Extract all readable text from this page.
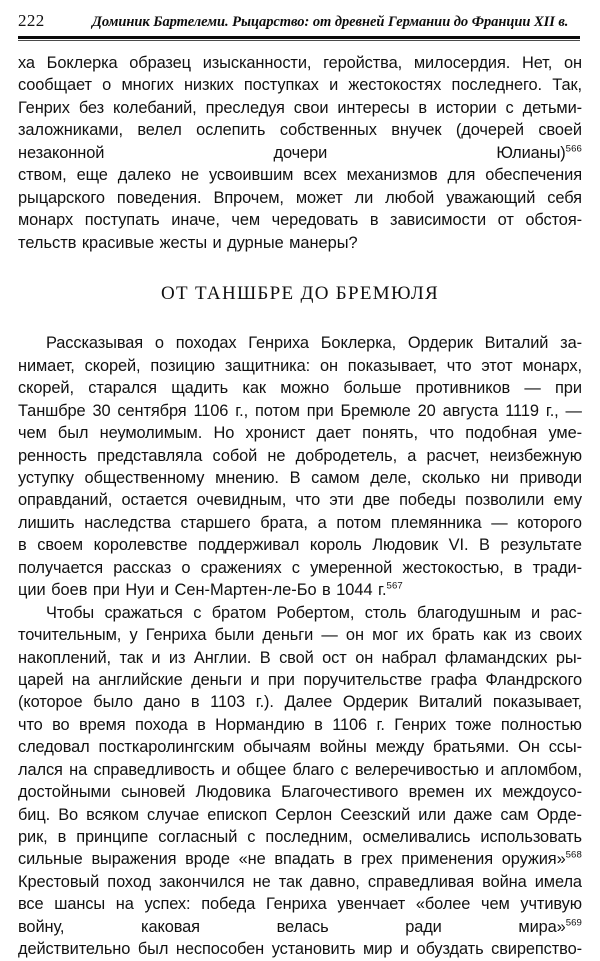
222	Доминик Бартелеми. Рыцарство: от древней Германии до Франции XII в.
ха Боклерка образец изысканности, геройства, милосердия. Нет, он
сообщает о многих низких поступках и жестокостях последнего. Так,
Генрих без колебаний, преследуя свои интересы в истории с детьми-
заложниками, велел ослепить собственных внучек (дочерей своей
незаконной	дочери	Юлианы)$^{566}$
ством, еще далеко не усвоившим всех механизмов для обеспечения
рыцарского поведения. Впрочем, может ли любой уважающий себя
монарх поступать иначе, чем чередовать в зависимости от обстоя-
тельств красивые жесты и дурные манеры?
ОТ ТАНШБРЕ ДО БРЕМЮЛЯ
Рассказывая о походах Генриха Боклерка, Ордерик Виталий за-
нимает, скорей, позицию защитника: он показывает, что этот монарх,
скорей, старался щадить как можно больше противников — при
Таншбре 30 сентября 1106 г., потом при Бремюле 20 августа 1119 г., —
чем был неумолимым. Но хронист дает понять, что подобная уме-
ренность представляла собой не добродетель, а расчет, неизбежную
уступку общественному мнению. В самом деле, сколько ни приводи
оправданий, остается очевидным, что эти две победы позволили ему
лишить наследства старшего брата, а потом племянника — которого
в своем королевстве поддерживал король Людовик VI. В результате
получается рассказ о сражениях с умеренной жестокостью, в тради-
ции боев при Нуи и Сен-Мартен-ле-Бо в 1044 г.$^{567}$
Чтобы сражаться с братом Робертом, столь благодушным и рас-
точительным, у Генриха были деньги — он мог их брать как из своих
накоплений, так и из Англии. В свой ост он набрал фламандских ры-
царей на английские деньги и при поручительстве графа Фландрского
(которое было дано в 1103 г.). Далее Ордерик Виталий показывает,
что во время похода в Нормандию в 1106 г. Генрих тоже полностью
следовал посткаролингским обычаям войны между братьями. Он ссы-
лался на справедливость и общее благо с велеречивостью и апломбом,
достойными сыновей Людовика Благочестивого времен их междоусо-
биц. Во всяком случае епископ Серлон Сеезский или даже сам Орде-
рик, в принципе согласный с последним, осмеливались использовать
сильные выражения вроде «не впадать в грех применения оружия»$^{568}$
Крестовый поход закончился не так давно, справедливая война имела
все шансы на успех: победа Генриха увенчает «более чем учтивую
войну,	каковая	велась	ради	мира»$^{569}$
действительно был неспособен установить мир и обуздать свирепство-
